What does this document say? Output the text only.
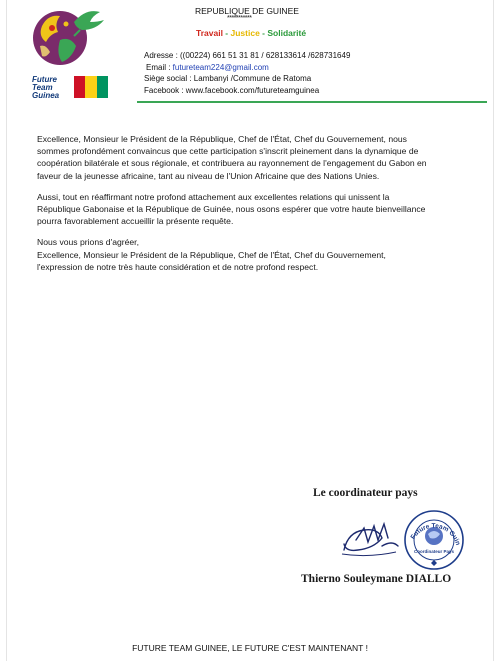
Future
Team
Guinea
REPUBLIQUE DE GUINEE
***********
Travail - Justice - Solidarité
Adresse : ((00224) 661 51 31 81 / 628133614 /628731649
Email : futureteam224@gmail.com
Siège social : Lambanyi /Commune de Ratoma
Facebook : www.facebook.com/futureteamguinea

Excellence, Monsieur le Président de la République, Chef de l'État, Chef du Gouvernement, nous
sommes profondément convaincus que cette participation s'inscrit pleinement dans la dynamique de
coopération bilatérale et sous régionale, et contribuera au rayonnement de l'engagement du Gabon en
faveur de la jeunesse africaine, tant au niveau de l'Union Africaine que des Nations Unies.

Aussi, tout en réaffirmant notre profond attachement aux excellentes relations qui unissent la
République Gabonaise et la République de Guinée, nous osons espérer que votre haute bienveillance
pourra favorablement accueillir la présente requête.

Nous vous prions d'agréer,
Excellence, Monsieur le Président de la République, Chef de l'État, Chef du Gouvernement,
l'expression de notre très haute considération et de notre profond respect.

Le coordinateur pays
Coordinateur Pays
Future Team Guin
Thierno Souleymane DIALLO
FUTURE TEAM GUINEE, LE FUTURE C'EST MAINTENANT !
